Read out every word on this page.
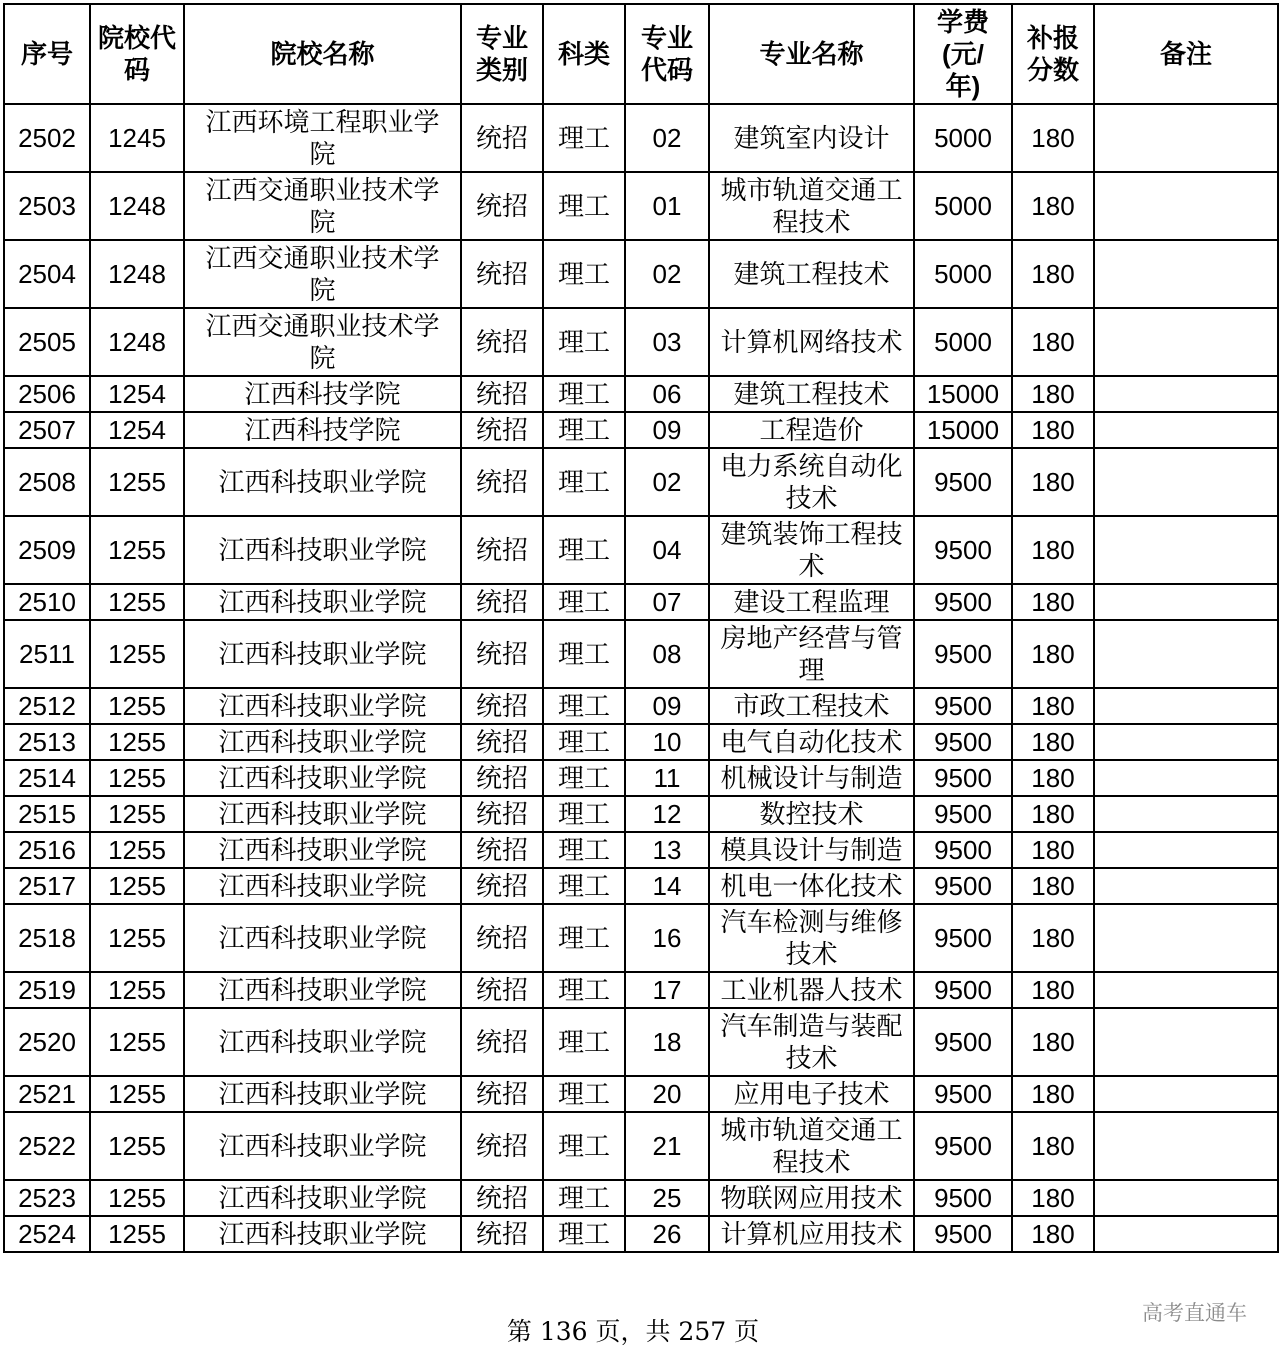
序号	院校代码	院校名称	专业类别	科类	专业代码	专业名称	学费(元/年)	补报分数	备注

2502	1245	江西环境工程职业学院	统招	理工	02	建筑室内设计	5000	180	

2503	1248	江西交通职业技术学院	统招	理工	01	城市轨道交通工程技术	5000	180	

2504	1248	江西交通职业技术学院	统招	理工	02	建筑工程技术	5000	180	

2505	1248	江西交通职业技术学院	统招	理工	03	计算机网络技术	5000	180	

2506	1254	江西科技学院	统招	理工	06	建筑工程技术	15000	180	

2507	1254	江西科技学院	统招	理工	09	工程造价	15000	180	

2508	1255	江西科技职业学院	统招	理工	02	电力系统自动化技术	9500	180	

2509	1255	江西科技职业学院	统招	理工	04	建筑装饰工程技术	9500	180	

2510	1255	江西科技职业学院	统招	理工	07	建设工程监理	9500	180	

2511	1255	江西科技职业学院	统招	理工	08	房地产经营与管理	9500	180	

2512	1255	江西科技职业学院	统招	理工	09	市政工程技术	9500	180	

2513	1255	江西科技职业学院	统招	理工	10	电气自动化技术	9500	180	

2514	1255	江西科技职业学院	统招	理工	11	机械设计与制造	9500	180	

2515	1255	江西科技职业学院	统招	理工	12	数控技术	9500	180	

2516	1255	江西科技职业学院	统招	理工	13	模具设计与制造	9500	180	

2517	1255	江西科技职业学院	统招	理工	14	机电一体化技术	9500	180	

2518	1255	江西科技职业学院	统招	理工	16	汽车检测与维修技术	9500	180	

2519	1255	江西科技职业学院	统招	理工	17	工业机器人技术	9500	180	

2520	1255	江西科技职业学院	统招	理工	18	汽车制造与装配技术	9500	180	

2521	1255	江西科技职业学院	统招	理工	20	应用电子技术	9500	180	

2522	1255	江西科技职业学院	统招	理工	21	城市轨道交通工程技术	9500	180	

2523	1255	江西科技职业学院	统招	理工	25	物联网应用技术	9500	180	

2524	1255	江西科技职业学院	统招	理工	26	计算机应用技术	9500	180	

第 136 页，共 257 页
高考直通车
